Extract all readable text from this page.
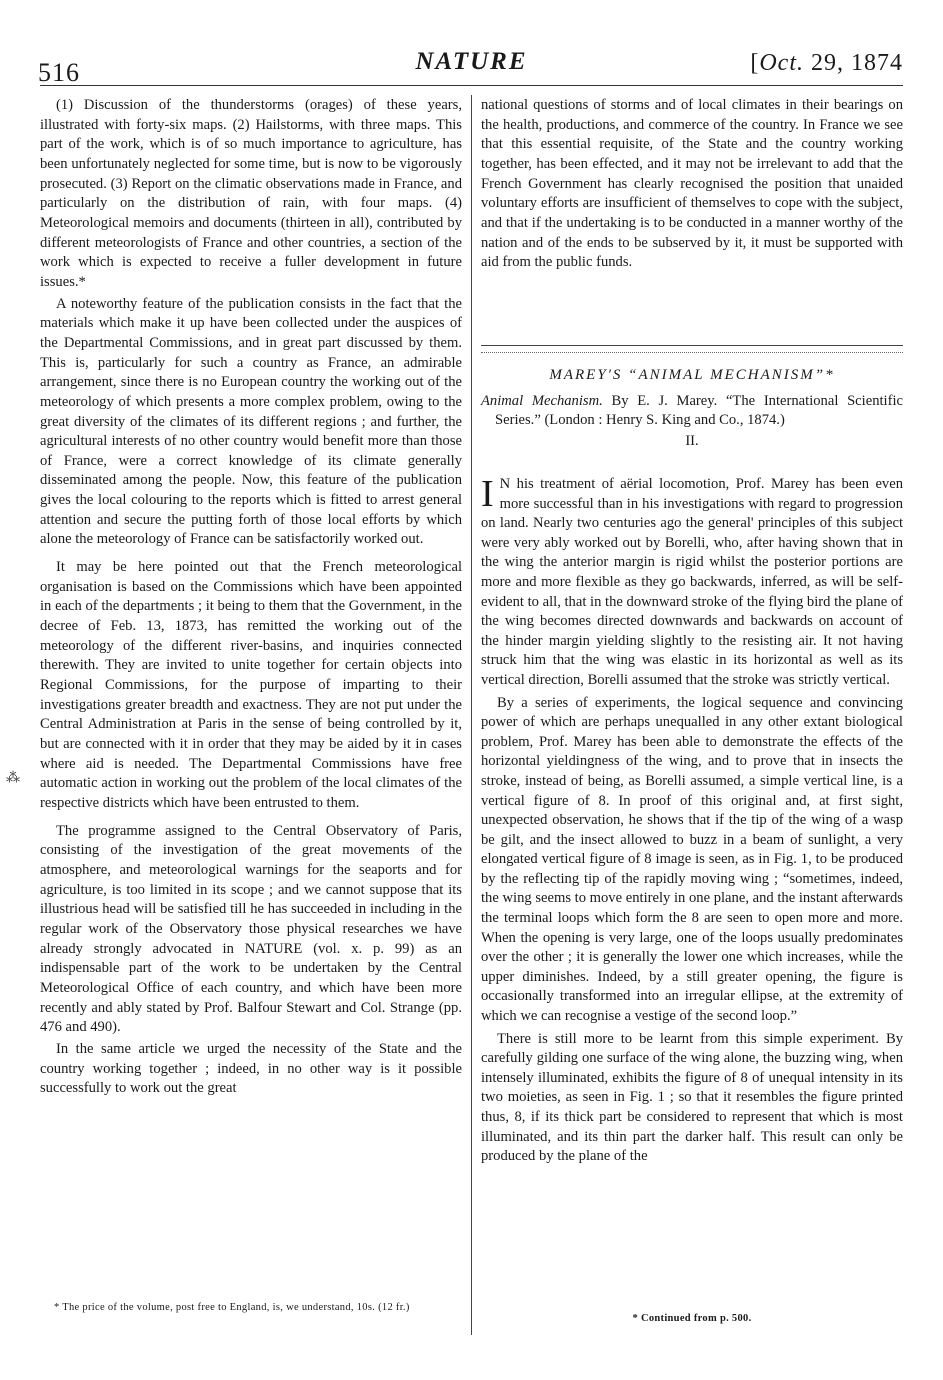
516	NATURE	[Oct. 29, 1874
⁂

(1) Discussion of the thunderstorms (orages) of these years, illustrated with forty-six maps. (2) Hailstorms, with three maps. This part of the work, which is of so much importance to agriculture, has been unfortunately neglected for some time, but is now to be vigorously prosecuted. (3) Report on the climatic observations made in France, and particularly on the distribution of rain, with four maps. (4) Meteorological memoirs and documents (thirteen in all), contributed by different meteorologists of France and other countries, a section of the work which is expected to receive a fuller development in future issues.*

A noteworthy feature of the publication consists in the fact that the materials which make it up have been collected under the auspices of the Departmental Commissions, and in great part discussed by them. This is, particularly for such a country as France, an admirable arrangement, since there is no European country the working out of the meteorology of which presents a more complex problem, owing to the great diversity of the climates of its different regions ; and further, the agricultural interests of no other country would benefit more than those of France, were a correct knowledge of its climate generally disseminated among the people. Now, this feature of the publication gives the local colouring to the reports which is fitted to arrest general attention and secure the putting forth of those local efforts by which alone the meteorology of France can be satisfactorily worked out.

It may be here pointed out that the French meteorological organisation is based on the Commissions which have been appointed in each of the departments ; it being to them that the Government, in the decree of Feb. 13, 1873, has remitted the working out of the meteorology of the different river-basins, and inquiries connected therewith. They are invited to unite together for certain objects into Regional Commissions, for the purpose of imparting to their investigations greater breadth and exactness. They are not put under the Central Administration at Paris in the sense of being controlled by it, but are connected with it in order that they may be aided by it in cases where aid is needed. The Departmental Commissions have free automatic action in working out the problem of the local climates of the respective districts which have been entrusted to them.

The programme assigned to the Central Observatory of Paris, consisting of the investigation of the great movements of the atmosphere, and meteorological warnings for the seaports and for agriculture, is too limited in its scope ; and we cannot suppose that its illustrious head will be satisfied till he has succeeded in including in the regular work of the Observatory those physical researches we have already strongly advocated in NATURE (vol. x. p. 99) as an indispensable part of the work to be undertaken by the Central Meteorological Office of each country, and which have been more recently and ably stated by Prof. Balfour Stewart and Col. Strange (pp. 476 and 490).

In the same article we urged the necessity of the State and the country working together ; indeed, in no other way is it possible successfully to work out the great

* The price of the volume, post free to England, is, we understand, 10s. (12 fr.)

national questions of storms and of local climates in their bearings on the health, productions, and commerce of the country. In France we see that this essential requisite, of the State and the country working together, has been effected, and it may not be irrelevant to add that the French Government has clearly recognised the position that unaided voluntary efforts are insufficient of themselves to cope with the subject, and that if the undertaking is to be conducted in a manner worthy of the nation and of the ends to be subserved by it, it must be supported with aid from the public funds.

MAREY'S “ANIMAL MECHANISM”*
Animal Mechanism. By E. J. Marey. “The International Scientific Series.” (London : Henry S. King and Co., 1874.)
II.

I N his treatment of aërial locomotion, Prof. Marey has been even more successful than in his investigations with regard to progression on land. Nearly two centuries ago the general' principles of this subject were very ably worked out by Borelli, who, after having shown that in the wing the anterior margin is rigid whilst the posterior portions are more and more flexible as they go backwards, inferred, as will be self-evident to all, that in the downward stroke of the flying bird the plane of the wing becomes directed downwards and backwards on account of the hinder margin yielding slightly to the resisting air. It not having struck him that the wing was elastic in its horizontal as well as its vertical direction, Borelli assumed that the stroke was strictly vertical.

By a series of experiments, the logical sequence and convincing power of which are perhaps unequalled in any other extant biological problem, Prof. Marey has been able to demonstrate the effects of the horizontal yieldingness of the wing, and to prove that in insects the stroke, instead of being, as Borelli assumed, a simple vertical line, is a vertical figure of 8. In proof of this original and, at first sight, unexpected observation, he shows that if the tip of the wing of a wasp be gilt, and the insect allowed to buzz in a beam of sunlight, a very elongated vertical figure of 8 image is seen, as in Fig. 1, to be produced by the reflecting tip of the rapidly moving wing ; “sometimes, indeed, the wing seems to move entirely in one plane, and the instant afterwards the terminal loops which form the 8 are seen to open more and more. When the opening is very large, one of the loops usually predominates over the other ; it is generally the lower one which increases, while the upper diminishes. Indeed, by a still greater opening, the figure is occasionally transformed into an irregular ellipse, at the extremity of which we can recognise a vestige of the second loop.”

There is still more to be learnt from this simple experiment. By carefully gilding one surface of the wing alone, the buzzing wing, when intensely illuminated, exhibits the figure of 8 of unequal intensity in its two moieties, as seen in Fig. 1 ; so that it resembles the figure printed thus, 8, if its thick part be considered to represent that which is most illuminated, and its thin part the darker half. This result can only be produced by the plane of the

* Continued from p. 500.
